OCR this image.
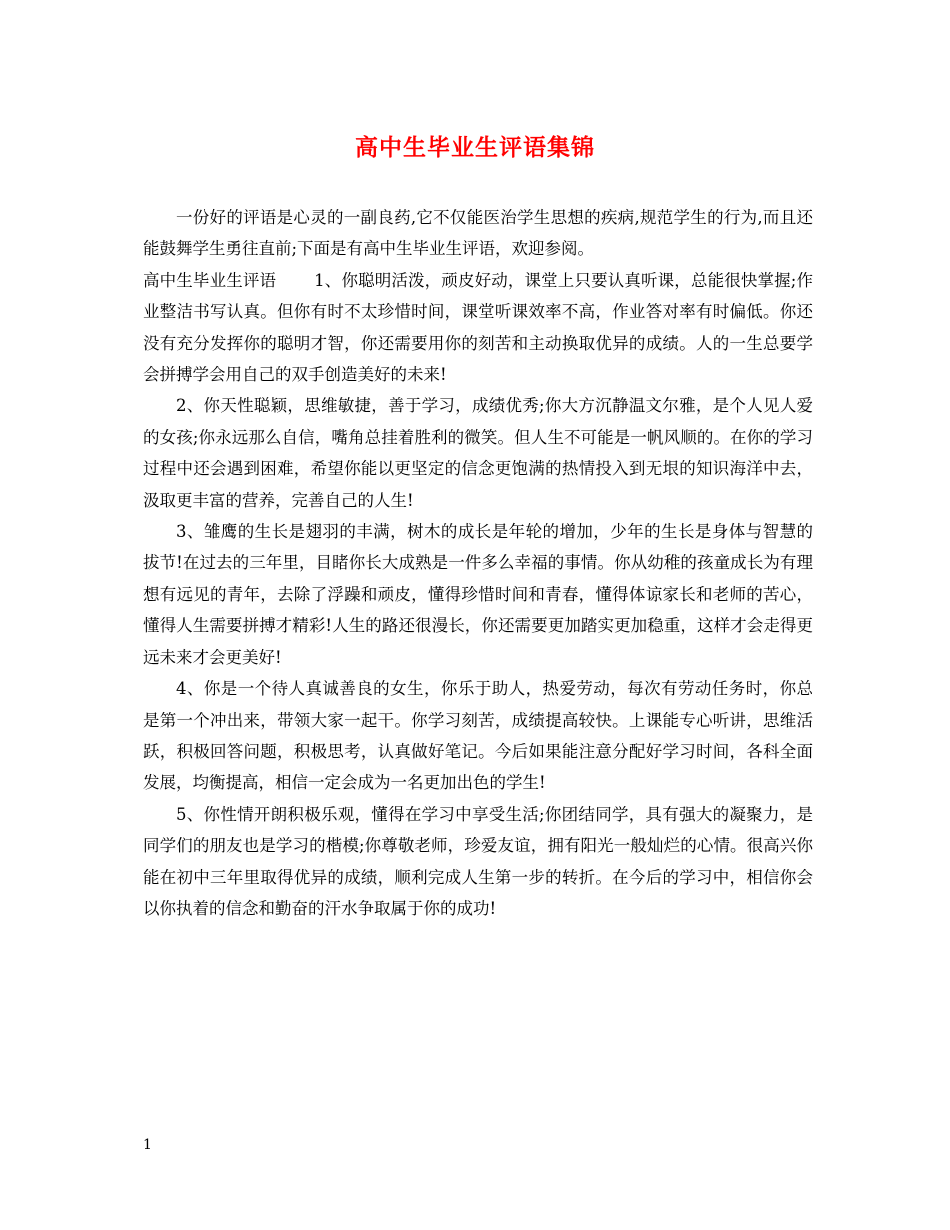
高中生毕业生评语集锦

一份好的评语是心灵的一副良药,它不仅能医治学生思想的疾病,规范学生的行为,而且还能鼓舞学生勇往直前;下面是有高中生毕业生评语，欢迎参阅。

高中生毕业生评语 1、你聪明活泼，顽皮好动，课堂上只要认真听课，总能很快掌握;作业整洁书写认真。但你有时不太珍惜时间，课堂听课效率不高，作业答对率有时偏低。你还没有充分发挥你的聪明才智，你还需要用你的刻苦和主动换取优异的成绩。人的一生总要学会拼搏学会用自己的双手创造美好的未来!

2、你天性聪颖，思维敏捷，善于学习，成绩优秀;你大方沉静温文尔雅，是个人见人爱的女孩;你永远那么自信，嘴角总挂着胜利的微笑。但人生不可能是一帆风顺的。在你的学习过程中还会遇到困难，希望你能以更坚定的信念更饱满的热情投入到无垠的知识海洋中去，汲取更丰富的营养，完善自己的人生!

3、雏鹰的生长是翅羽的丰满，树木的成长是年轮的增加，少年的生长是身体与智慧的拔节!在过去的三年里，目睹你长大成熟是一件多么幸福的事情。你从幼稚的孩童成长为有理想有远见的青年，去除了浮躁和顽皮，懂得珍惜时间和青春，懂得体谅家长和老师的苦心，懂得人生需要拼搏才精彩!人生的路还很漫长，你还需要更加踏实更加稳重，这样才会走得更远未来才会更美好!

4、你是一个待人真诚善良的女生，你乐于助人，热爱劳动，每次有劳动任务时，你总是第一个冲出来，带领大家一起干。你学习刻苦，成绩提高较快。上课能专心听讲，思维活跃，积极回答问题，积极思考，认真做好笔记。今后如果能注意分配好学习时间，各科全面发展，均衡提高，相信一定会成为一名更加出色的学生!

5、你性情开朗积极乐观，懂得在学习中享受生活;你团结同学，具有强大的凝聚力，是同学们的朋友也是学习的楷模;你尊敬老师，珍爱友谊，拥有阳光一般灿烂的心情。很高兴你能在初中三年里取得优异的成绩，顺利完成人生第一步的转折。在今后的学习中，相信你会以你执着的信念和勤奋的汗水争取属于你的成功!

1
